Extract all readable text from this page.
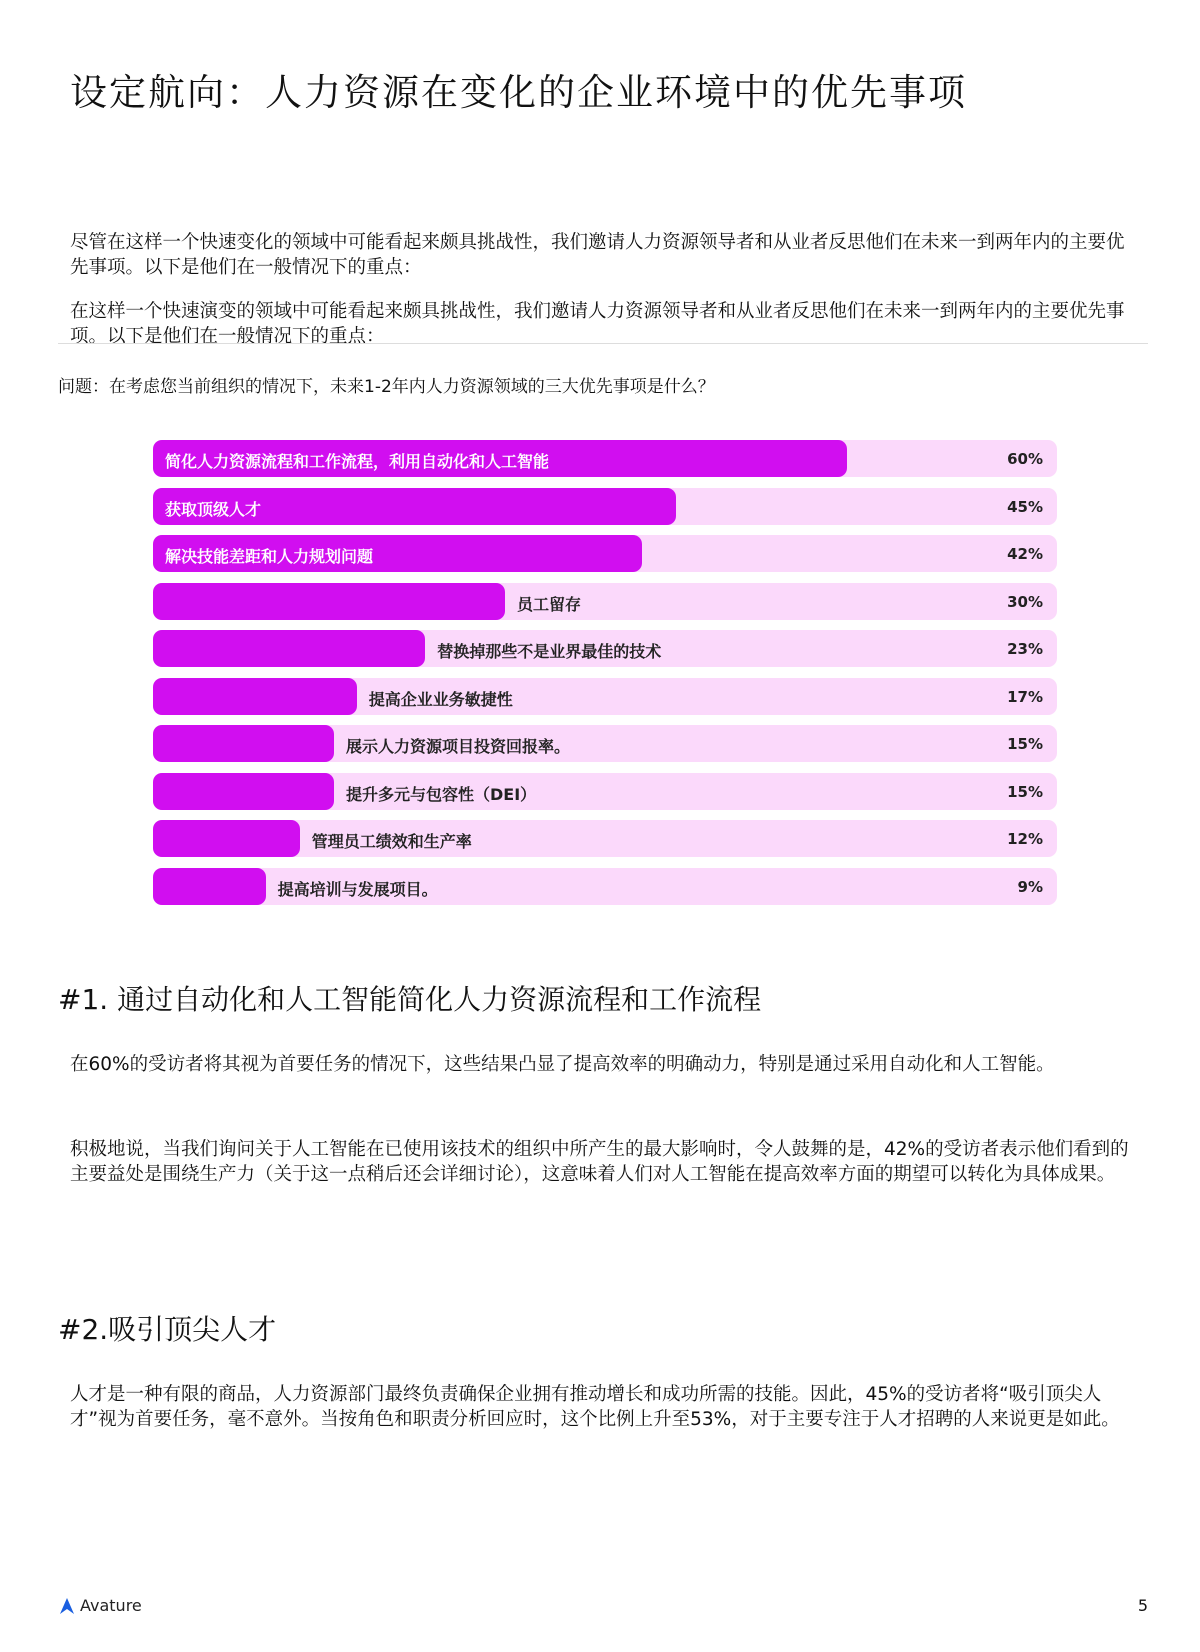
设定航向：人力资源在变化的企业环境中的优先事项
尽管在这样一个快速变化的领域中可能看起来颇具挑战性，我们邀请人力资源领导者和从业者反思他们在未来一到两年内的主要优先事项。以下是他们在一般情况下的重点：
在这样一个快速演变的领域中可能看起来颇具挑战性，我们邀请人力资源领导者和从业者反思他们在未来一到两年内的主要优先事项。以下是他们在一般情况下的重点：
问题：在考虑您当前组织的情况下，未来1-2年内人力资源领域的三大优先事项是什么？
简化人力资源流程和工作流程，利用自动化和人工智能	60%
获取顶级人才	45%
解决技能差距和人力规划问题	42%
员工留存	30%
替换掉那些不是业界最佳的技术	23%
提高企业业务敏捷性	17%
展示人力资源项目投资回报率。	15%
提升多元与包容性（DEI）	15%
管理员工绩效和生产率	12%
提高培训与发展项目。	9%
#1. 通过自动化和人工智能简化人力资源流程和工作流程
在60%的受访者将其视为首要任务的情况下，这些结果凸显了提高效率的明确动力，特别是通过采用自动化和人工智能。
积极地说，当我们询问关于人工智能在已使用该技术的组织中所产生的最大影响时，令人鼓舞的是，42%的受访者表示他们看到的主要益处是围绕生产力（关于这一点稍后还会详细讨论），这意味着人们对人工智能在提高效率方面的期望可以转化为具体成果。
#2.吸引顶尖人才
人才是一种有限的商品，人力资源部门最终负责确保企业拥有推动增长和成功所需的技能。因此，45%的受访者将“吸引顶尖人才”视为首要任务，毫不意外。当按角色和职责分析回应时，这个比例上升至53%，对于主要专注于人才招聘的人来说更是如此。
Avature	5
